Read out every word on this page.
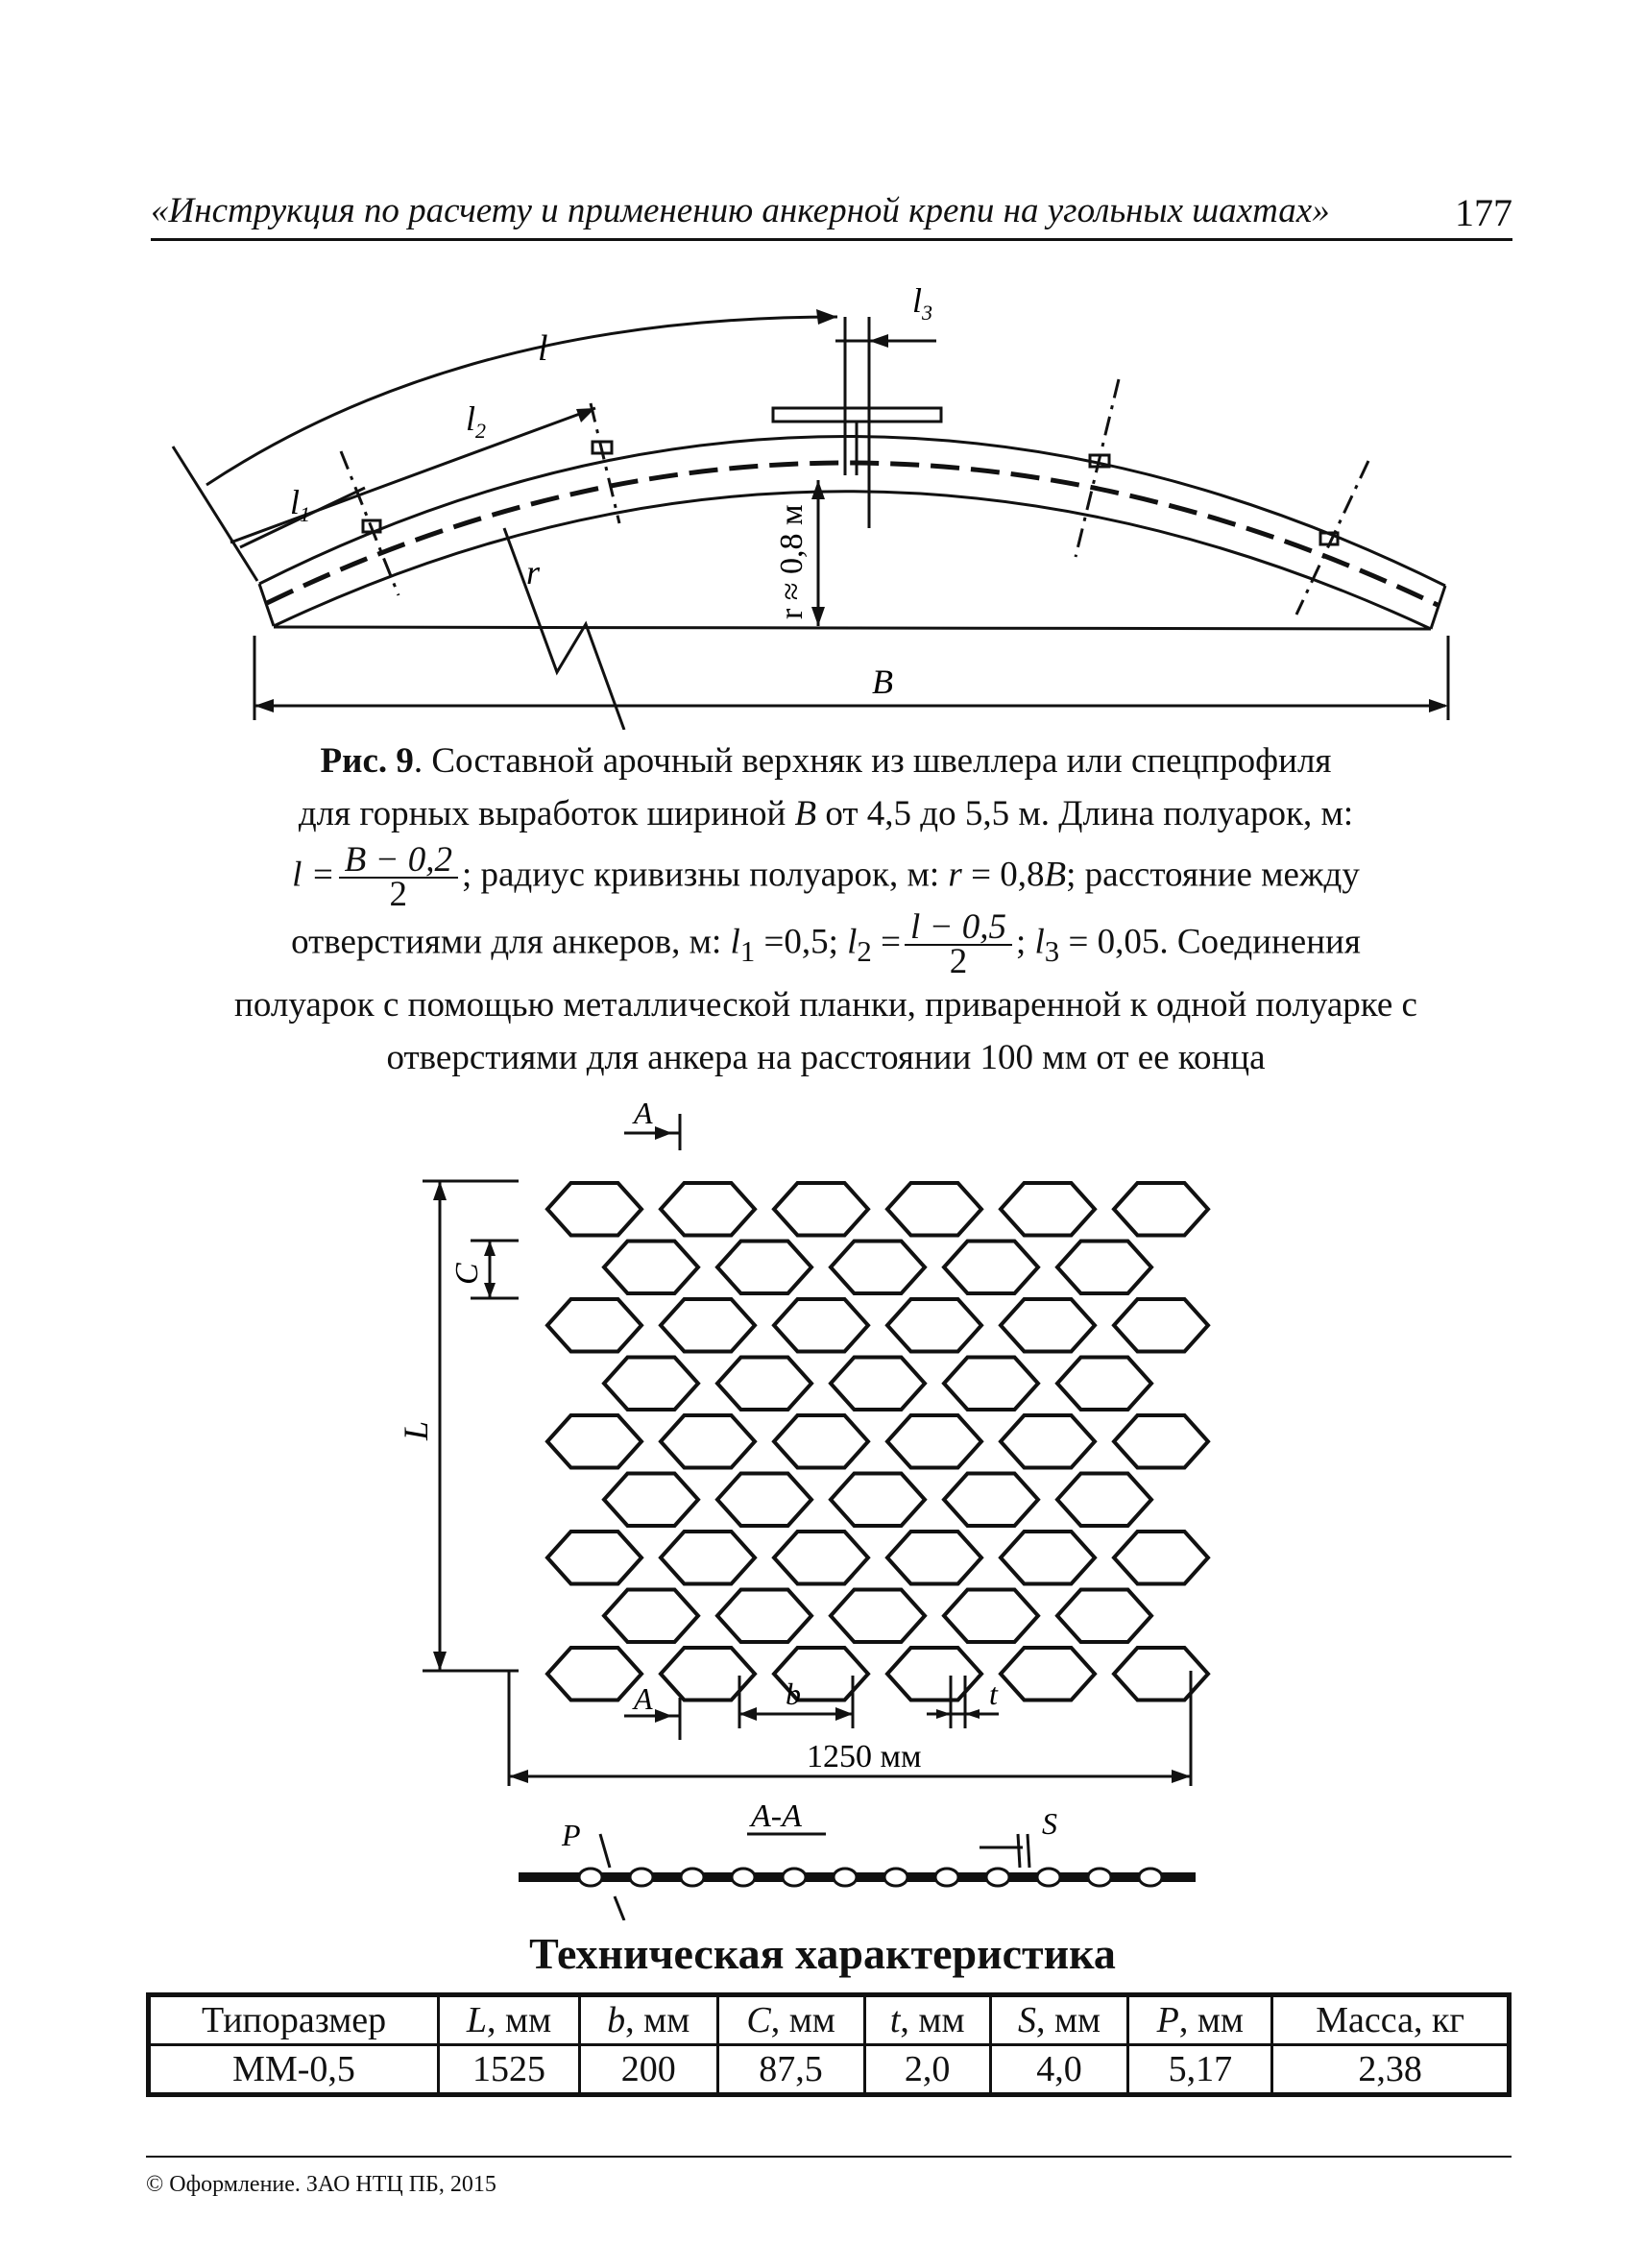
«Инструкция по расчету и применению анкерной крепи на угольных шахтах»	177
l
$l_2$
$l_1$
$l_3$
r ≈ 0,8 м
r
B
Рис. 9. Составной арочный верхняк из швеллера или спецпрофиля
для горных выработок шириной B от 4,5 до 5,5 м. Длина полуарок, м:
$l = \frac{B - 0,2}{2}$ ; радиус кривизны полуарок, м: r = 0,8B; расстояние между
отверстиями для анкеров, м: $l_1 =0,5$; $l_2 = \frac{l - 0,5}{2}$ ; $l_3 = 0,05$. Соединения
полуарок с помощью металлической планки, приваренной к одной полуарке с
отверстиями для анкера на расстоянии 100 мм от ее конца
A
A
C
L
b	t
1250 мм
A-A
P	S
Техническая характеристика
Типоразмер	L, мм	b, мм	C, мм	t, мм	S, мм	P, мм	Масса, кг
ММ-0,5	1525	200	87,5	2,0	4,0	5,17	2,38
© Оформление. ЗАО НТЦ ПБ, 2015
